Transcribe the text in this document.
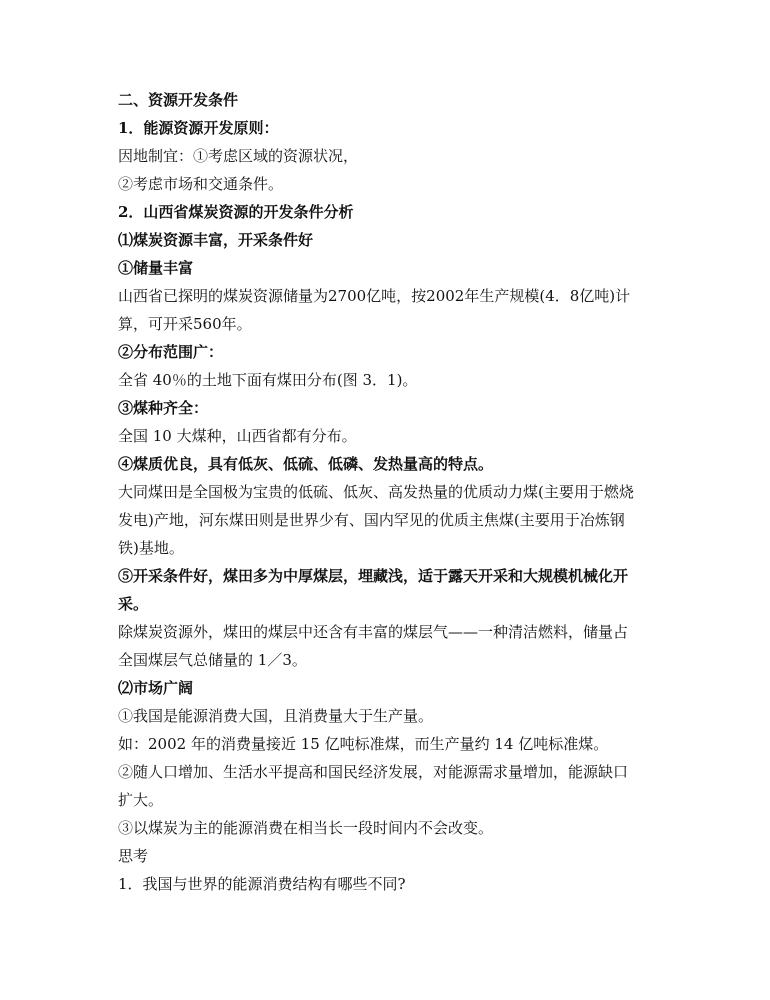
二、资源开发条件
1．能源资源开发原则：
因地制宜：①考虑区域的资源状况，
②考虑市场和交通条件。
2．山西省煤炭资源的开发条件分析
⑴煤炭资源丰富，开采条件好
①储量丰富
山西省已探明的煤炭资源储量为2700亿吨，按2002年生产规模(4．8亿吨)计
算，可开采560年。
②分布范围广：
全省 40％的土地下面有煤田分布(图 3．1)。
③煤种齐全：
全国 10 大煤种，山西省都有分布。
④煤质优良，具有低灰、低硫、低磷、发热量高的特点。
大同煤田是全国极为宝贵的低硫、低灰、高发热量的优质动力煤(主要用于燃烧
发电)产地，河东煤田则是世界少有、国内罕见的优质主焦煤(主要用于冶炼钢
铁)基地。
⑤开采条件好，煤田多为中厚煤层，埋藏浅，适于露天开采和大规模机械化开
采。
除煤炭资源外，煤田的煤层中还含有丰富的煤层气——一种清洁燃料，储量占
全国煤层气总储量的 1／3。
⑵市场广阔
①我国是能源消费大国，且消费量大于生产量。
如：2002 年的消费量接近 15 亿吨标准煤，而生产量约 14 亿吨标准煤。
②随人口增加、生活水平提高和国民经济发展，对能源需求量增加，能源缺口
扩大。
③以煤炭为主的能源消费在相当长一段时间内不会改变。
思考
1．我国与世界的能源消费结构有哪些不同?
